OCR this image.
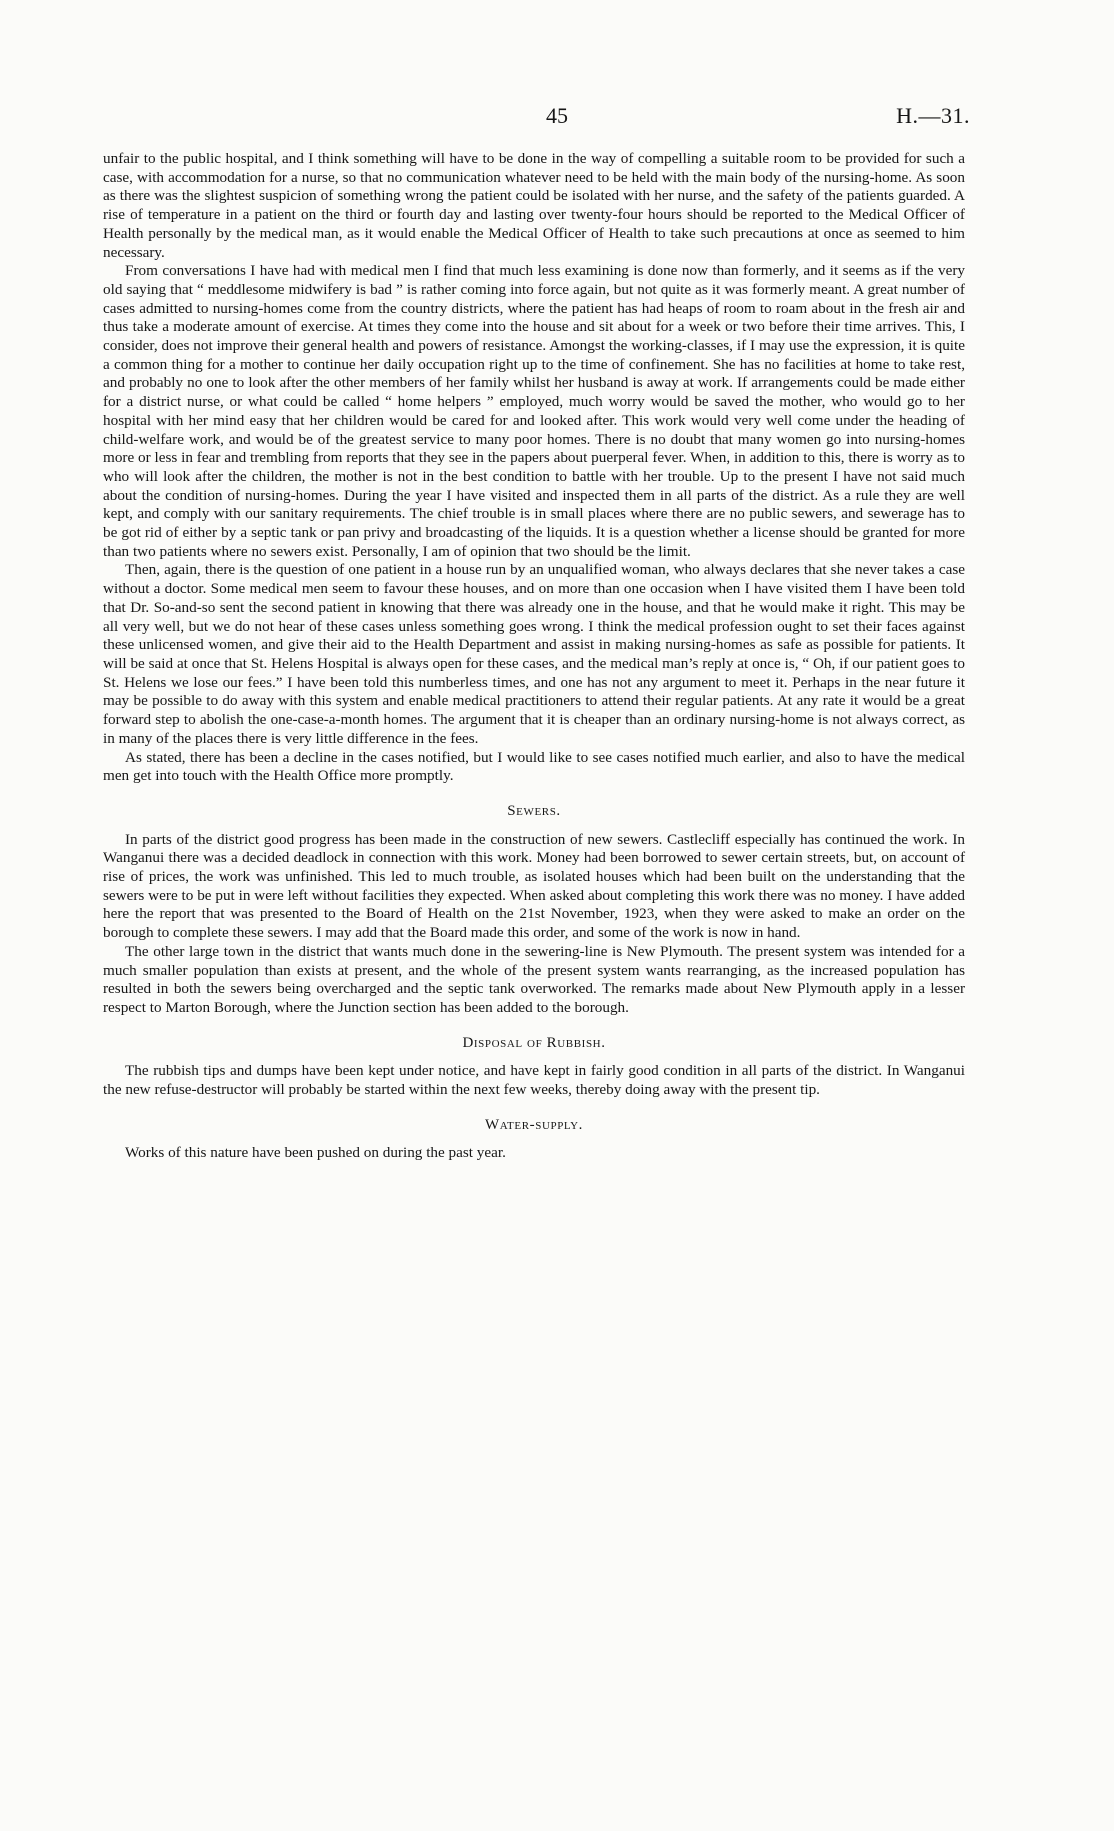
45	H.—31.

unfair to the public hospital, and I think something will have to be done in the way of compelling a suitable room to be provided for such a case, with accommodation for a nurse, so that no communication whatever need to be held with the main body of the nursing-home. As soon as there was the slightest suspicion of something wrong the patient could be isolated with her nurse, and the safety of the patients guarded. A rise of temperature in a patient on the third or fourth day and lasting over twenty-four hours should be reported to the Medical Officer of Health personally by the medical man, as it would enable the Medical Officer of Health to take such precautions at once as seemed to him necessary.

From conversations I have had with medical men I find that much less examining is done now than formerly, and it seems as if the very old saying that “ meddlesome midwifery is bad ” is rather coming into force again, but not quite as it was formerly meant. A great number of cases admitted to nursing-homes come from the country districts, where the patient has had heaps of room to roam about in the fresh air and thus take a moderate amount of exercise. At times they come into the house and sit about for a week or two before their time arrives. This, I consider, does not improve their general health and powers of resistance. Amongst the working-classes, if I may use the expression, it is quite a common thing for a mother to continue her daily occupation right up to the time of confinement. She has no facilities at home to take rest, and probably no one to look after the other members of her family whilst her husband is away at work. If arrangements could be made either for a district nurse, or what could be called “ home helpers ” employed, much worry would be saved the mother, who would go to her hospital with her mind easy that her children would be cared for and looked after. This work would very well come under the heading of child-welfare work, and would be of the greatest service to many poor homes. There is no doubt that many women go into nursing-homes more or less in fear and trembling from reports that they see in the papers about puerperal fever. When, in addition to this, there is worry as to who will look after the children, the mother is not in the best condition to battle with her trouble. Up to the present I have not said much about the condition of nursing-homes. During the year I have visited and inspected them in all parts of the district. As a rule they are well kept, and comply with our sanitary requirements. The chief trouble is in small places where there are no public sewers, and sewerage has to be got rid of either by a septic tank or pan privy and broadcasting of the liquids. It is a question whether a license should be granted for more than two patients where no sewers exist. Personally, I am of opinion that two should be the limit.

Then, again, there is the question of one patient in a house run by an unqualified woman, who always declares that she never takes a case without a doctor. Some medical men seem to favour these houses, and on more than one occasion when I have visited them I have been told that Dr. So-and-so sent the second patient in knowing that there was already one in the house, and that he would make it right. This may be all very well, but we do not hear of these cases unless something goes wrong. I think the medical profession ought to set their faces against these unlicensed women, and give their aid to the Health Department and assist in making nursing-homes as safe as possible for patients. It will be said at once that St. Helens Hospital is always open for these cases, and the medical man’s reply at once is, “ Oh, if our patient goes to St. Helens we lose our fees.” I have been told this numberless times, and one has not any argument to meet it. Perhaps in the near future it may be possible to do away with this system and enable medical practitioners to attend their regular patients. At any rate it would be a great forward step to abolish the one-case-a-month homes. The argument that it is cheaper than an ordinary nursing-home is not always correct, as in many of the places there is very little difference in the fees.

As stated, there has been a decline in the cases notified, but I would like to see cases notified much earlier, and also to have the medical men get into touch with the Health Office more promptly.

Sewers.

In parts of the district good progress has been made in the construction of new sewers. Castlecliff especially has continued the work. In Wanganui there was a decided deadlock in connection with this work. Money had been borrowed to sewer certain streets, but, on account of rise of prices, the work was unfinished. This led to much trouble, as isolated houses which had been built on the understanding that the sewers were to be put in were left without facilities they expected. When asked about completing this work there was no money. I have added here the report that was presented to the Board of Health on the 21st November, 1923, when they were asked to make an order on the borough to complete these sewers. I may add that the Board made this order, and some of the work is now in hand.

The other large town in the district that wants much done in the sewering-line is New Plymouth. The present system was intended for a much smaller population than exists at present, and the whole of the present system wants rearranging, as the increased population has resulted in both the sewers being overcharged and the septic tank overworked. The remarks made about New Plymouth apply in a lesser respect to Marton Borough, where the Junction section has been added to the borough.

Disposal of Rubbish.

The rubbish tips and dumps have been kept under notice, and have kept in fairly good condition in all parts of the district. In Wanganui the new refuse-destructor will probably be started within the next few weeks, thereby doing away with the present tip.

Water-supply.

Works of this nature have been pushed on during the past year.
